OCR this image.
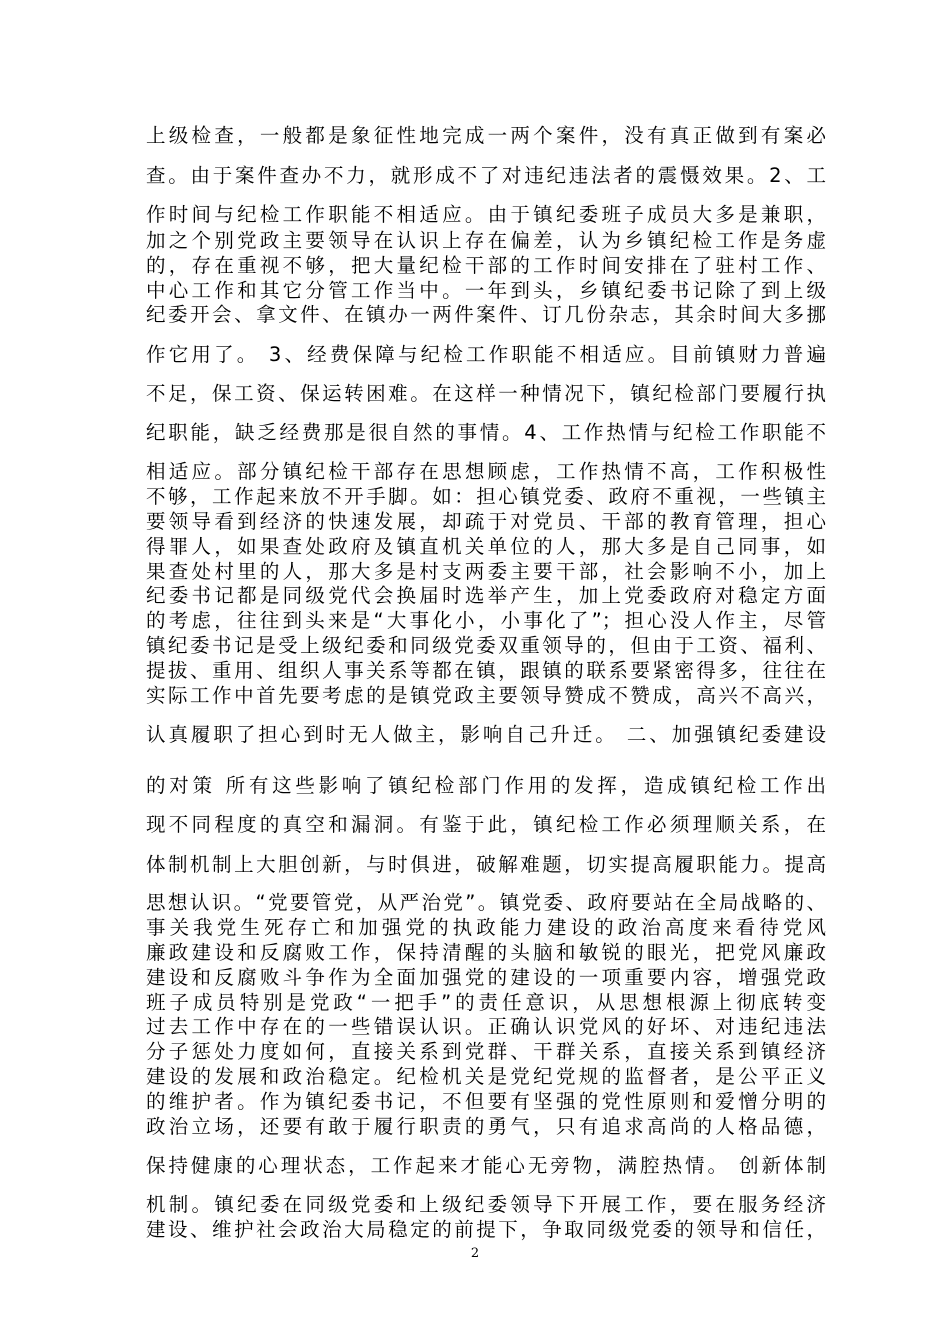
上级检查，一般都是象征性地完成一两个案件，没有真正做到有案必
查。由于案件查办不力，就形成不了对违纪违法者的震慑效果。2、工
作时间与纪检工作职能不相适应。由于镇纪委班子成员大多是兼职，
加之个别党政主要领导在认识上存在偏差，认为乡镇纪检工作是务虚
的，存在重视不够，把大量纪检干部的工作时间安排在了驻村工作、
中心工作和其它分管工作当中。一年到头，乡镇纪委书记除了到上级
纪委开会、拿文件、在镇办一两件案件、订几份杂志，其余时间大多挪
作它用了。 3、经费保障与纪检工作职能不相适应。目前镇财力普遍
不足，保工资、保运转困难。在这样一种情况下，镇纪检部门要履行执
纪职能，缺乏经费那是很自然的事情。4、工作热情与纪检工作职能不
相适应。部分镇纪检干部存在思想顾虑，工作热情不高，工作积极性
不够，工作起来放不开手脚。如：担心镇党委、政府不重视，一些镇主
要领导看到经济的快速发展，却疏于对党员、干部的教育管理，担心
得罪人，如果查处政府及镇直机关单位的人，那大多是自己同事，如
果查处村里的人，那大多是村支两委主要干部，社会影响不小，加上
纪委书记都是同级党代会换届时选举产生，加上党委政府对稳定方面
的考虑，往往到头来是“大事化小，小事化了”；担心没人作主，尽管
镇纪委书记是受上级纪委和同级党委双重领导的，但由于工资、福利、
提拔、重用、组织人事关系等都在镇，跟镇的联系要紧密得多，往往在
实际工作中首先要考虑的是镇党政主要领导赞成不赞成，高兴不高兴，
认真履职了担心到时无人做主，影响自己升迁。 二、加强镇纪委建设
的对策 所有这些影响了镇纪检部门作用的发挥，造成镇纪检工作出
现不同程度的真空和漏洞。有鉴于此，镇纪检工作必须理顺关系，在
体制机制上大胆创新，与时俱进，破解难题，切实提高履职能力。提高
思想认识。“党要管党，从严治党”。镇党委、政府要站在全局战略的、
事关我党生死存亡和加强党的执政能力建设的政治高度来看待党风
廉政建设和反腐败工作，保持清醒的头脑和敏锐的眼光，把党风廉政
建设和反腐败斗争作为全面加强党的建设的一项重要内容，增强党政
班子成员特别是党政“一把手”的责任意识，从思想根源上彻底转变
过去工作中存在的一些错误认识。正确认识党风的好坏、对违纪违法
分子惩处力度如何，直接关系到党群、干群关系，直接关系到镇经济
建设的发展和政治稳定。纪检机关是党纪党规的监督者，是公平正义
的维护者。作为镇纪委书记，不但要有坚强的党性原则和爱憎分明的
政治立场，还要有敢于履行职责的勇气，只有追求高尚的人格品德，
保持健康的心理状态，工作起来才能心无旁物，满腔热情。 创新体制
机制。镇纪委在同级党委和上级纪委领导下开展工作，要在服务经济
建设、维护社会政治大局稳定的前提下，争取同级党委的领导和信任，
2
